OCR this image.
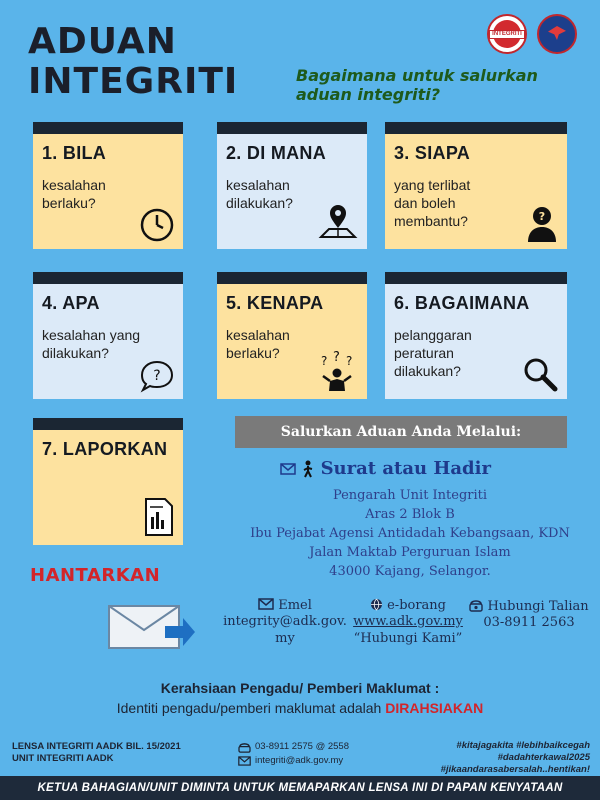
ADUAN
INTEGRITI	Bagaimana untuk salurkan
aduan integriti?
INTEGRITI
1. BILA
kesalahan
berlaku?
2. DI MANA
kesalahan
dilakukan?
3. SIAPA
yang terlibat
dan boleh
membantu?	?
4. APA
kesalahan yang
dilakukan?
?
5. KENAPA
kesalahan
berlaku?	? ? ?
6. BAGAIMANA
pelanggaran
peraturan
dilakukan?
7. LAPORKAN
HANTARKAN
Salurkan Aduan Anda Melalui:
Surat atau Hadir
Pengarah Unit Integriti
Aras 2 Blok B
Ibu Pejabat Agensi Antidadah Kebangsaan, KDN
Jalan Maktab Perguruan Islam
43000 Kajang, Selangor.
Emel
integrity@adk.gov.
my
e-borang
www.adk.gov.my
“Hubungi Kami”
Hubungi Talian
03-8911 2563
Kerahsiaan Pengadu/ Pemberi Maklumat :
Identiti pengadu/pemberi maklumat adalah DIRAHSIAKAN
LENSA INTEGRITI AADK BIL. 15/2021
UNIT INTEGRITI AADK
03-8911 2575 @ 2558
integriti@adk.gov.my
#kitajagakita #lebihbaikcegah
#dadahterkawal2025
#jikaandarasabersalah..hentikan!
KETUA BAHAGIAN/UNIT DIMINTA UNTUK MEMAPARKAN LENSA INI DI PAPAN KENYATAAN
